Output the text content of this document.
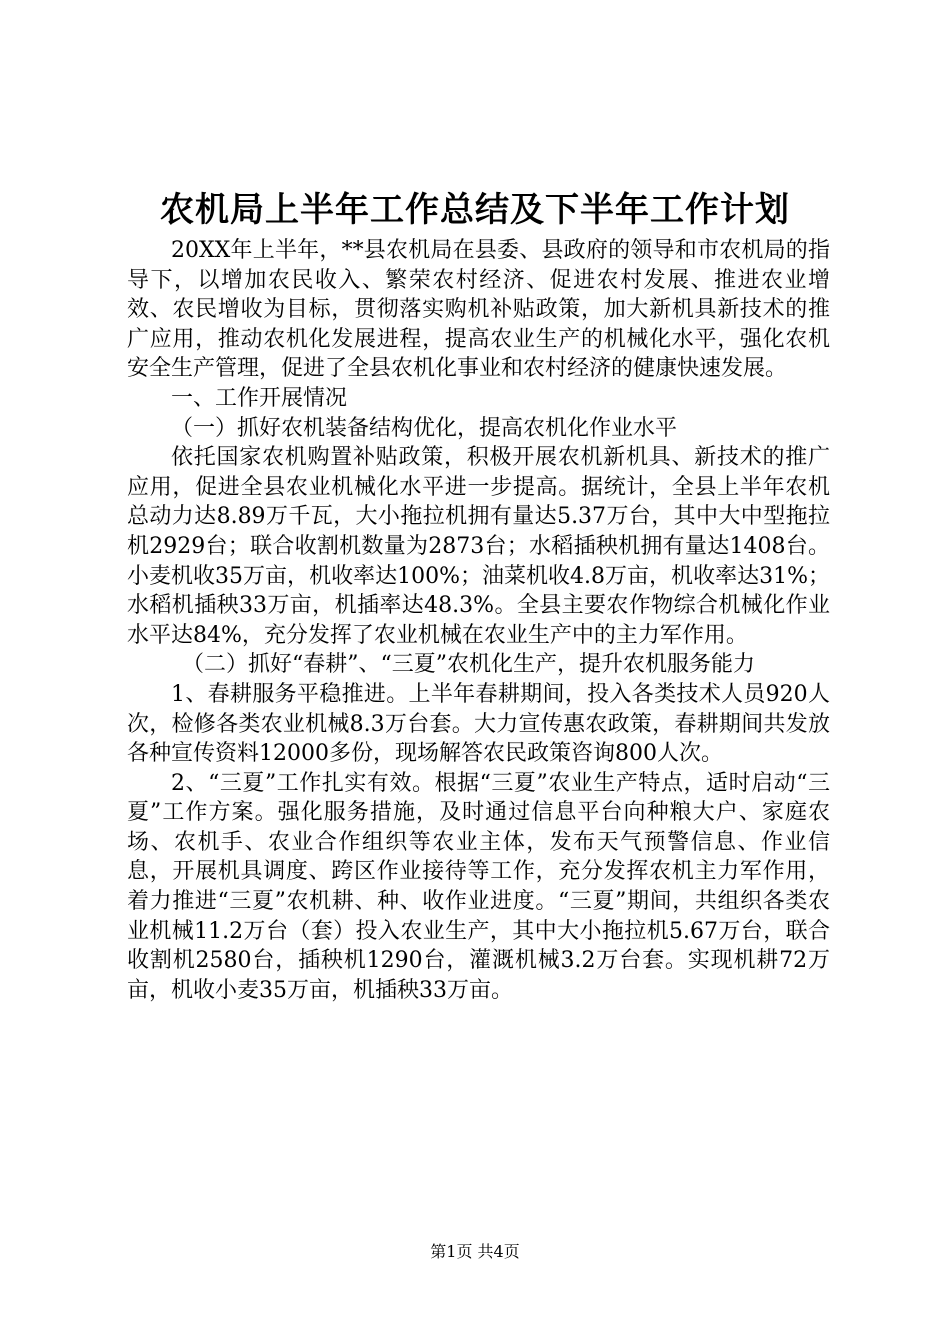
农机局上半年工作总结及下半年工作计划

20XX年上半年，**县农机局在县委、县政府的领导和市农机局的指导下，以增加农民收入、繁荣农村经济、促进农村发展、推进农业增效、农民增收为目标，贯彻落实购机补贴政策，加大新机具新技术的推广应用，推动农机化发展进程，提高农业生产的机械化水平，强化农机安全生产管理，促进了全县农机化事业和农村经济的健康快速发展。

一、工作开展情况

（一）抓好农机装备结构优化，提高农机化作业水平

依托国家农机购置补贴政策，积极开展农机新机具、新技术的推广应用，促进全县农业机械化水平进一步提高。据统计，全县上半年农机总动力达8.89万千瓦，大小拖拉机拥有量达5.37万台，其中大中型拖拉机2929台；联合收割机数量为2873台；水稻插秧机拥有量达1408台。小麦机收35万亩，机收率达100%；油菜机收4.8万亩，机收率达31%；水稻机插秧33万亩，机插率达48.3%。全县主要农作物综合机械化作业水平达84%，充分发挥了农业机械在农业生产中的主力军作用。

（二）抓好“春耕”、“三夏”农机化生产，提升农机服务能力

1、春耕服务平稳推进。上半年春耕期间，投入各类技术人员920人次，检修各类农业机械8.3万台套。大力宣传惠农政策，春耕期间共发放各种宣传资料12000多份，现场解答农民政策咨询800人次。

2、“三夏”工作扎实有效。根据“三夏”农业生产特点，适时启动“三夏”工作方案。强化服务措施，及时通过信息平台向种粮大户、家庭农场、农机手、农业合作组织等农业主体，发布天气预警信息、作业信息，开展机具调度、跨区作业接待等工作，充分发挥农机主力军作用，着力推进“三夏”农机耕、种、收作业进度。“三夏”期间，共组织各类农业机械11.2万台（套）投入农业生产，其中大小拖拉机5.67万台，联合收割机2580台，插秧机1290台，灌溉机械3.2万台套。实现机耕72万亩，机收小麦35万亩，机插秧33万亩。

第1页 共4页
